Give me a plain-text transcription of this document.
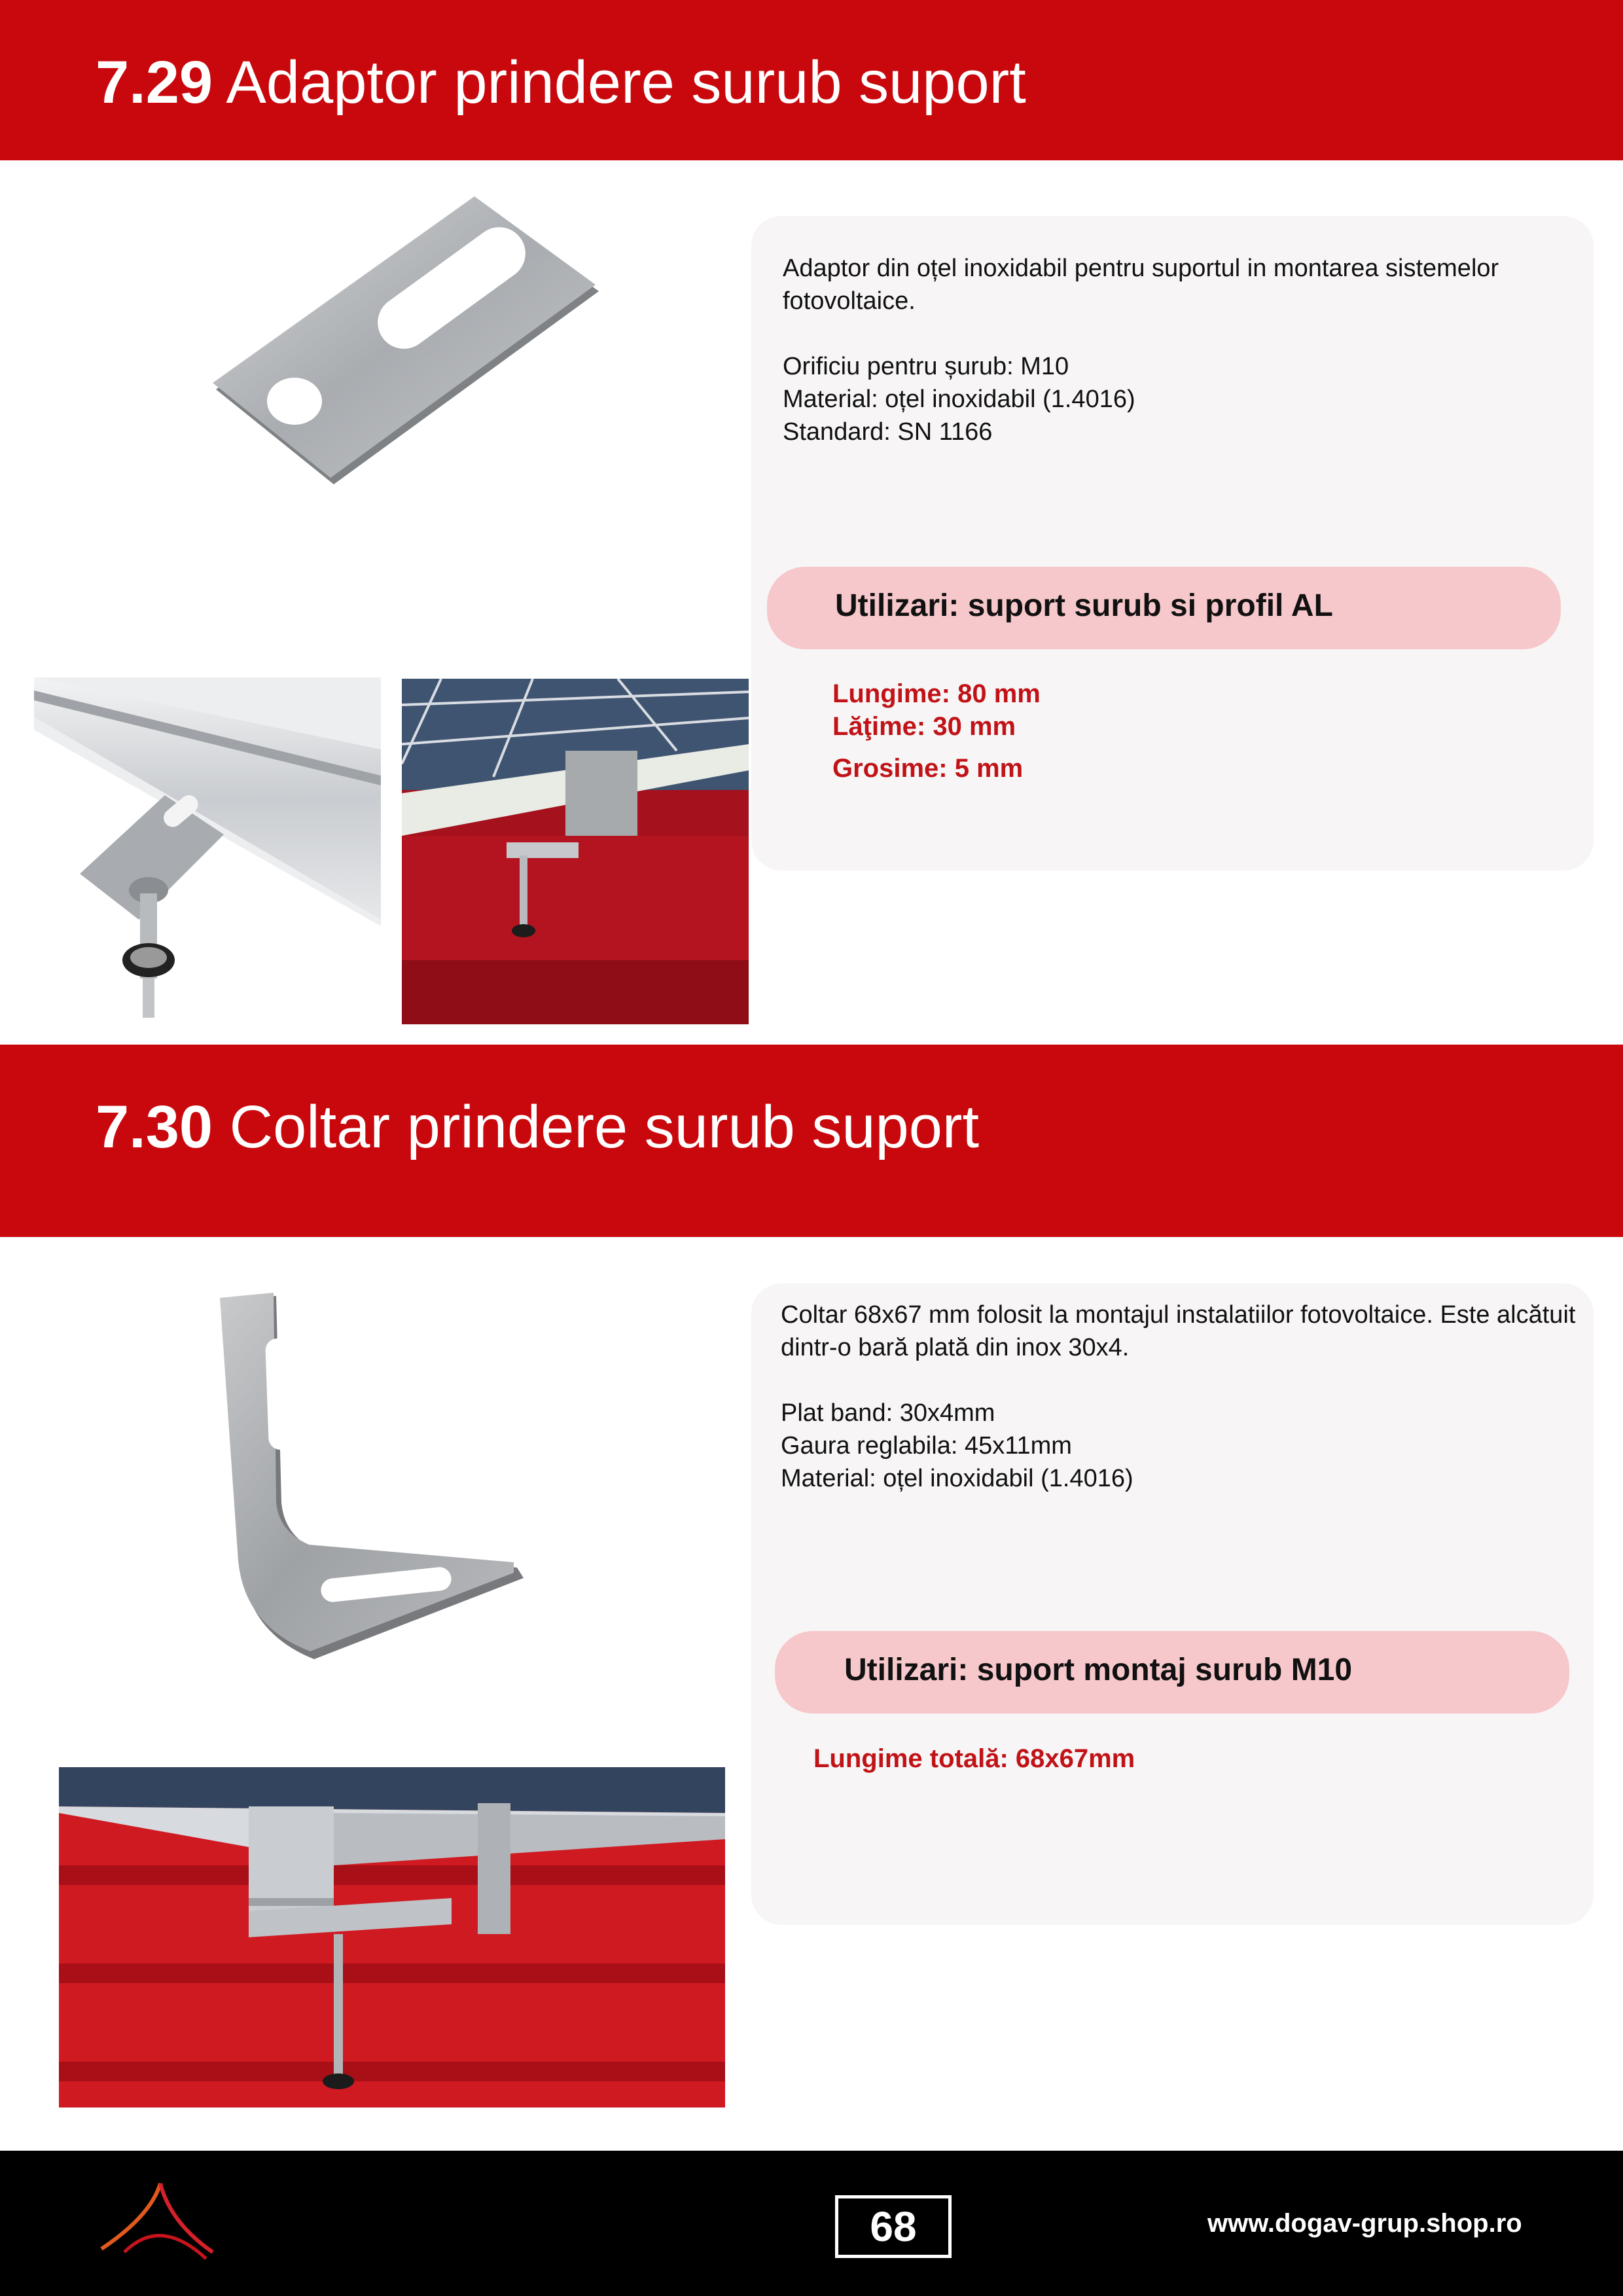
7.29 Adaptor prindere surub suport

Adaptor din oțel inoxidabil pentru suportul in montarea sistemelor fotovoltaice.

Orificiu pentru șurub: M10

Material: oțel inoxidabil (1.4016)

Standard: SN 1166

Utilizari: suport surub si profil AL
Lungime: 80 mm
Lăţime: 30 mm
Grosime: 5 mm
7.30 Coltar prindere surub suport

Coltar 68x67 mm folosit la montajul instalatiilor fotovoltaice. Este alcătuit dintr-o bară plată din inox 30x4.

Plat band: 30x4mm

Gaura reglabila: 45x11mm

Material: oțel inoxidabil (1.4016)

Utilizari: suport montaj surub M10
Lungime totală: 68x67mm
68	www.dogav-grup.shop.ro
